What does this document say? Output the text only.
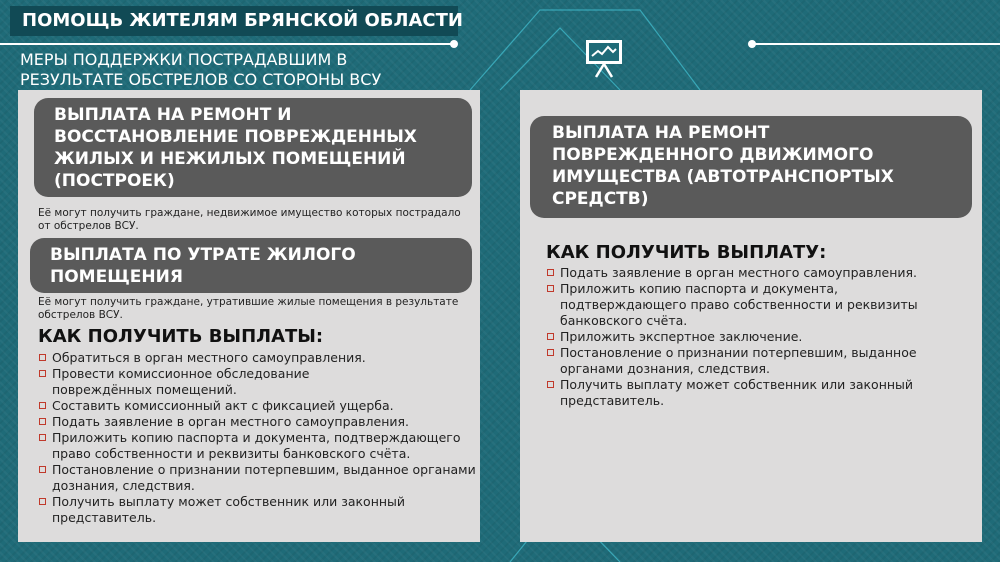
ПОМОЩЬ ЖИТЕЛЯМ БРЯНСКОЙ ОБЛАСТИ
МЕРЫ ПОДДЕРЖКИ ПОСТРАДАВШИМ В РЕЗУЛЬТАТЕ ОБСТРЕЛОВ СО СТОРОНЫ ВСУ
ВЫПЛАТА НА РЕМОНТ И ВОССТАНОВЛЕНИЕ ПОВРЕЖДЕННЫХ ЖИЛЫХ И НЕЖИЛЫХ ПОМЕЩЕНИЙ (ПОСТРОЕК)
Её могут получить граждане, недвижимое имущество которых пострадало от обстрелов ВСУ.
ВЫПЛАТА ПО УТРАТЕ ЖИЛОГО ПОМЕЩЕНИЯ
Её могут получить граждане, утратившие жилые помещения в результате обстрелов ВСУ.
КАК ПОЛУЧИТЬ ВЫПЛАТЫ:
Обратиться в орган местного самоуправления.
Провести комиссионное обследование повреждённых помещений.
Составить комиссионный акт с фиксацией ущерба.
Подать заявление в орган местного самоуправления.
Приложить копию паспорта и документа, подтверждающего право собственности и реквизиты банковского счёта.
Постановление о признании потерпевшим, выданное органами дознания, следствия.
Получить выплату может собственник или законный представитель.
ВЫПЛАТА НА РЕМОНТ ПОВРЕЖДЕННОГО ДВИЖИМОГО ИМУЩЕСТВА (АВТОТРАНСПОРТЫХ СРЕДСТВ)
КАК ПОЛУЧИТЬ ВЫПЛАТУ:
Подать заявление в орган местного самоуправления.
Приложить копию паспорта и документа, подтверждающего право собственности и реквизиты банковского счёта.
Приложить экспертное заключение.
Постановление о признании потерпевшим, выданное органами дознания, следствия.
Получить выплату может собственник или законный представитель.
